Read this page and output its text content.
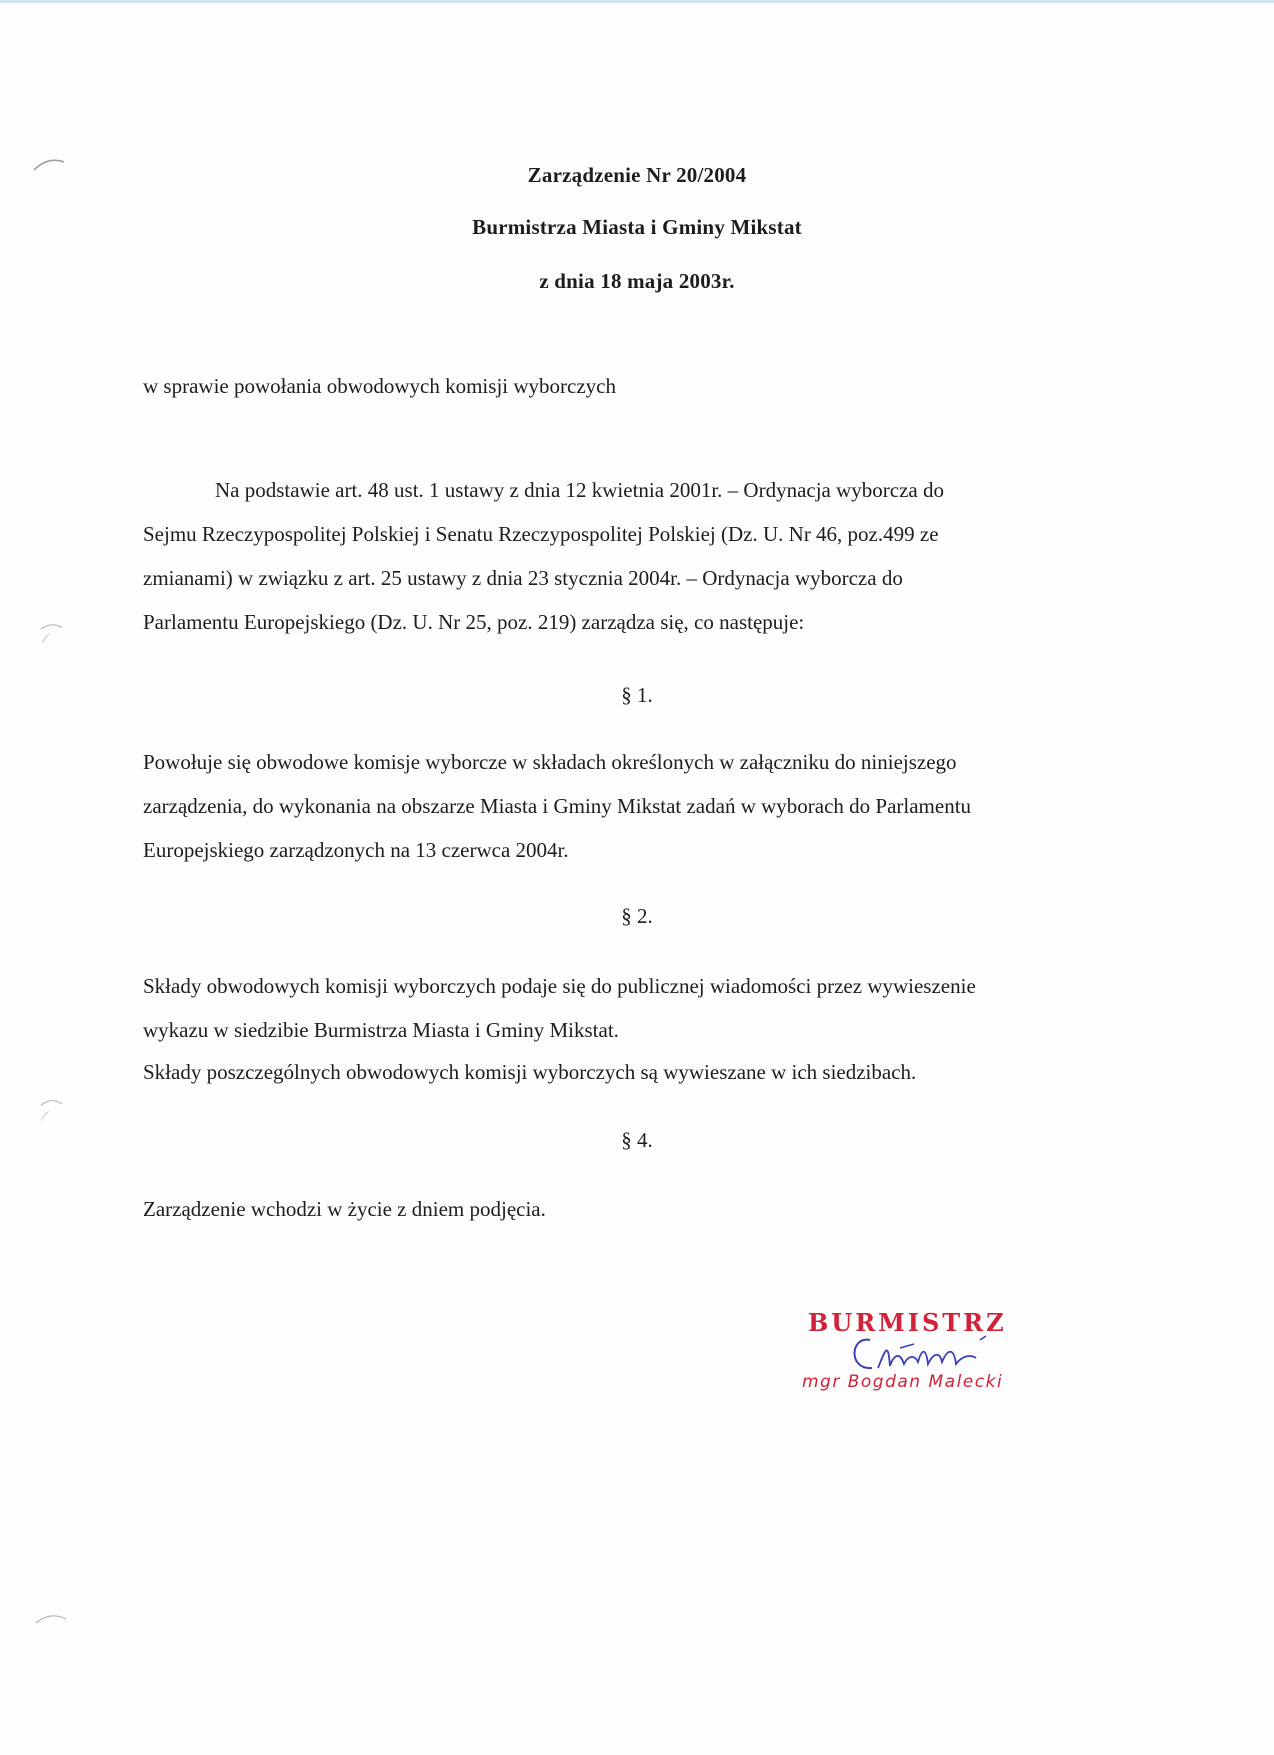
Zarządzenie Nr 20/2004
Burmistrza Miasta i Gminy Mikstat
z dnia 18 maja 2003r.
w sprawie powołania obwodowych komisji wyborczych
Na podstawie art. 48 ust. 1 ustawy z dnia 12 kwietnia 2001r. – Ordynacja wyborcza do
Sejmu Rzeczypospolitej Polskiej i Senatu Rzeczypospolitej Polskiej (Dz. U. Nr 46, poz.499 ze
zmianami) w związku z art. 25 ustawy z dnia 23 stycznia 2004r. – Ordynacja wyborcza do
Parlamentu Europejskiego (Dz. U. Nr 25, poz. 219) zarządza się, co następuje:
§ 1.
Powołuje się obwodowe komisje wyborcze w składach określonych w załączniku do niniejszego
zarządzenia, do wykonania na obszarze Miasta i Gminy Mikstat zadań w wyborach do Parlamentu
Europejskiego zarządzonych na 13 czerwca 2004r.
§ 2.
Składy obwodowych komisji wyborczych podaje się do publicznej wiadomości przez wywieszenie
wykazu w siedzibie Burmistrza Miasta i Gminy Mikstat.
Składy poszczególnych obwodowych komisji wyborczych są wywieszane w ich siedzibach.
§ 4.
Zarządzenie wchodzi w życie z dniem podjęcia.
BURMISTRZ
mgr Bogdan Malecki
